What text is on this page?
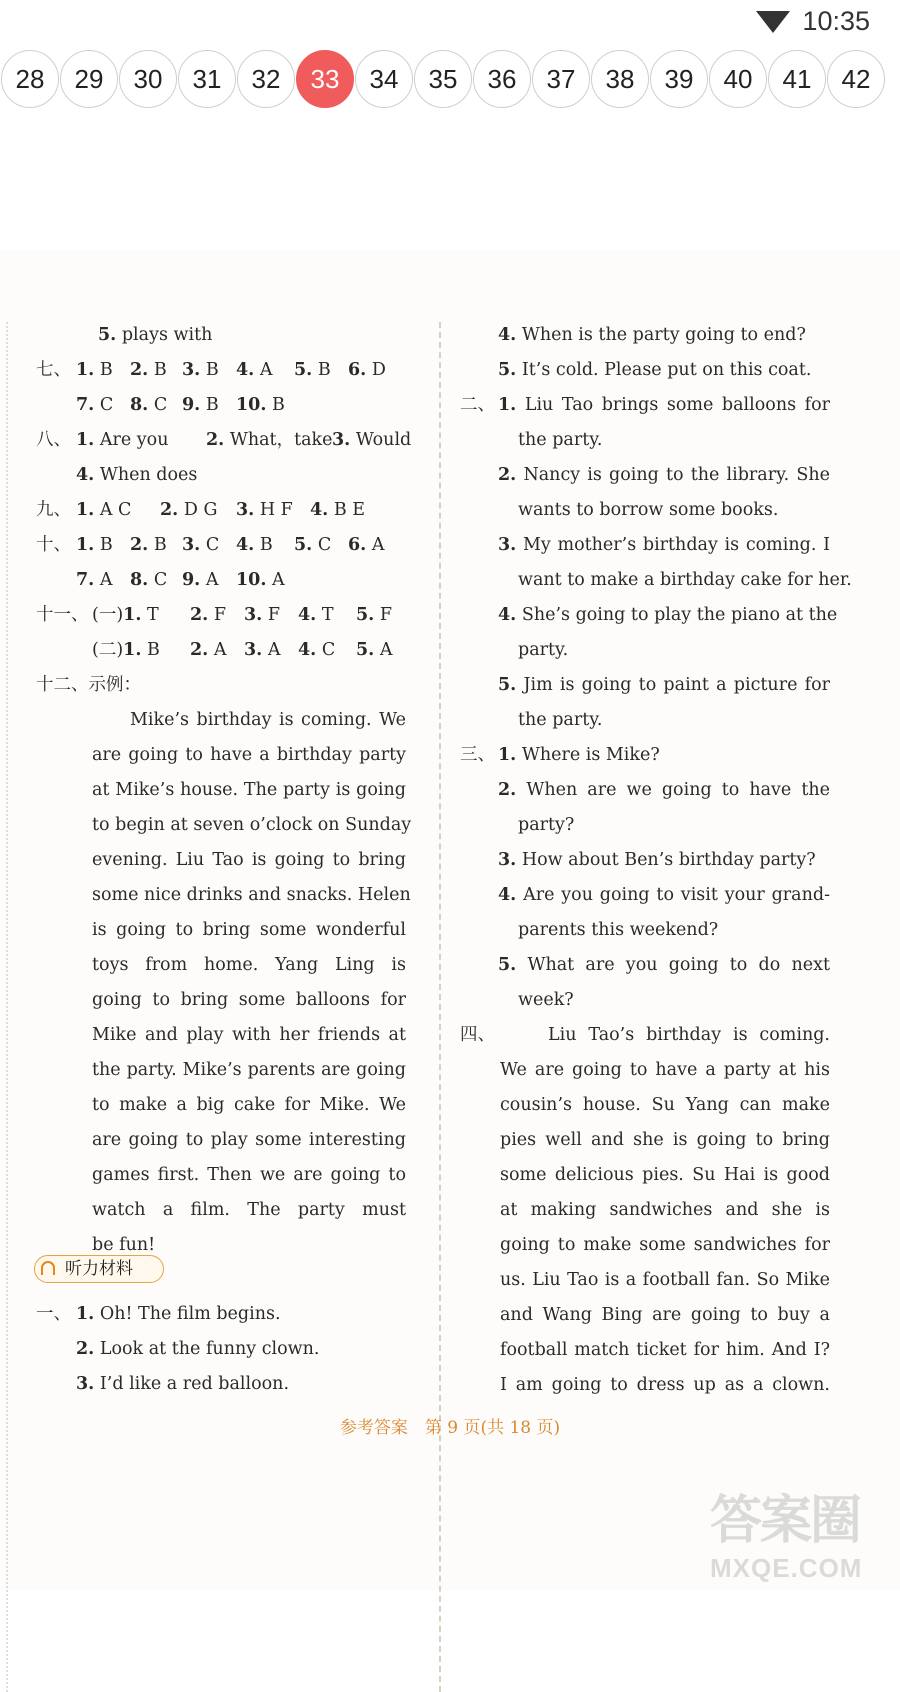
10:35
28	29	30	31	32	33	34	35	36	37	38	39	40	41	42
5. plays with
七、 1. B 2. B 3. B 4. A 5. B 6. D
7. C 8. C 9. B 10. B
八、 1. Are you 2. What，take 3. Would
4. When does
九、 1. A C 2. D G 3. H F 4. B E
十、 1. B 2. B 3. C 4. B 5. C 6. A
7. A 8. C 9. A 10. A
十一、 (一)1. T 2. F 3. F 4. T 5. F
(二)1. B 2. A 3. A 4. C 5. A
十二、示例：
Mike’s birthday is coming. We
are going to have a birthday party
at Mike’s house. The party is going
to begin at seven o’clock on Sunday
evening. Liu Tao is going to bring
some nice drinks and snacks. Helen
is going to bring some wonderful
toys from home. Yang Ling is
going to bring some balloons for
Mike and play with her friends at
the party. Mike’s parents are going
to make a big cake for Mike. We
are going to play some interesting
games first. Then we are going to
watch a film. The party must
be fun!
听力材料
一、 1. Oh! The film begins.
2. Look at the funny clown.
3. I’d like a red balloon.
4. When is the party going to end?
5. It’s cold. Please put on this coat.
1. Liu Tao brings some balloons for
二、
the party.
2. Nancy is going to the library. She
wants to borrow some books.
3. My mother’s birthday is coming. I
want to make a birthday cake for her.
4. She’s going to play the piano at the
party.
5. Jim is going to paint a picture for
the party.
1. Where is Mike?
三、
2. When are we going to have the
party?
3. How about Ben’s birthday party?
4. Are you going to visit your grand-
parents this weekend?
5. What are you going to do next
week?
Liu Tao’s birthday is coming.
四、
We are going to have a party at his
cousin’s house. Su Yang can make
pies well and she is going to bring
some delicious pies. Su Hai is good
at making sandwiches and she is
going to make some sandwiches for
us. Liu Tao is a football fan. So Mike
and Wang Bing are going to buy a
football match ticket for him. And I?
I am going to dress up as a clown.
参考答案　第 9 页(共 18 页)
答案圈
MXQE.COM
